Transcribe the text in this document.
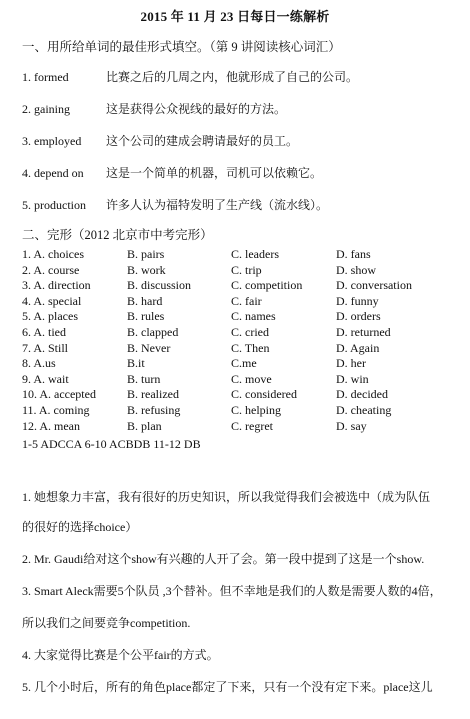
2015 年 11 月 23 日每日一练解析
一、用所给单词的最佳形式填空。（第 9 讲阅读核心词汇）
1. formed	比赛之后的几周之内，他就形成了自己的公司。
2. gaining	这是获得公众视线的最好的方法。
3. employed 这个公司的建成会聘请最好的员工。
4. depend on 这是一个简单的机器，司机可以依赖它。
5. production 许多人认为福特发明了生产线（流水线）。
二、完形（2012 北京市中考完形）
1. A. choices	B. pairs	C. leaders	D. fans
2. A. course	B. work	C. trip	D. show
3. A. direction	B. discussion	C. competition	D. conversation
4. A. special	B. hard	C. fair	D. funny
5. A. places	B. rules	C. names	D. orders
6. A. tied	B. clapped	C. cried	D. returned
7. A. Still	B. Never	C. Then	D. Again
8. A.us	B.it	C.me	D. her
9. A. wait	B. turn	C. move	D. win
10. A. accepted	B. realized	C. considered	D. decided
11. A. coming	B. refusing	C. helping	D. cheating
12. A. mean	B. plan	C. regret	D. say
1-5 ADCCA 6-10 ACBDB 11-12 DB
1. 她想象力丰富，我有很好的历史知识，所以我觉得我们会被选中（成为队伍
的很好的选择choice）
2. Mr. Gaudi给对这个show有兴趣的人开了会。第一段中提到了这是一个show.
3. Smart Aleck需要5个队员 ,3个替补。但不幸地是我们的人数是需要人数的4倍，
所以我们之间要竞争competition.
4. 大家觉得比赛是个公平fair的方式。
5. 几个小时后，所有的角色place都定了下来，只有一个没有定下来。place这儿
